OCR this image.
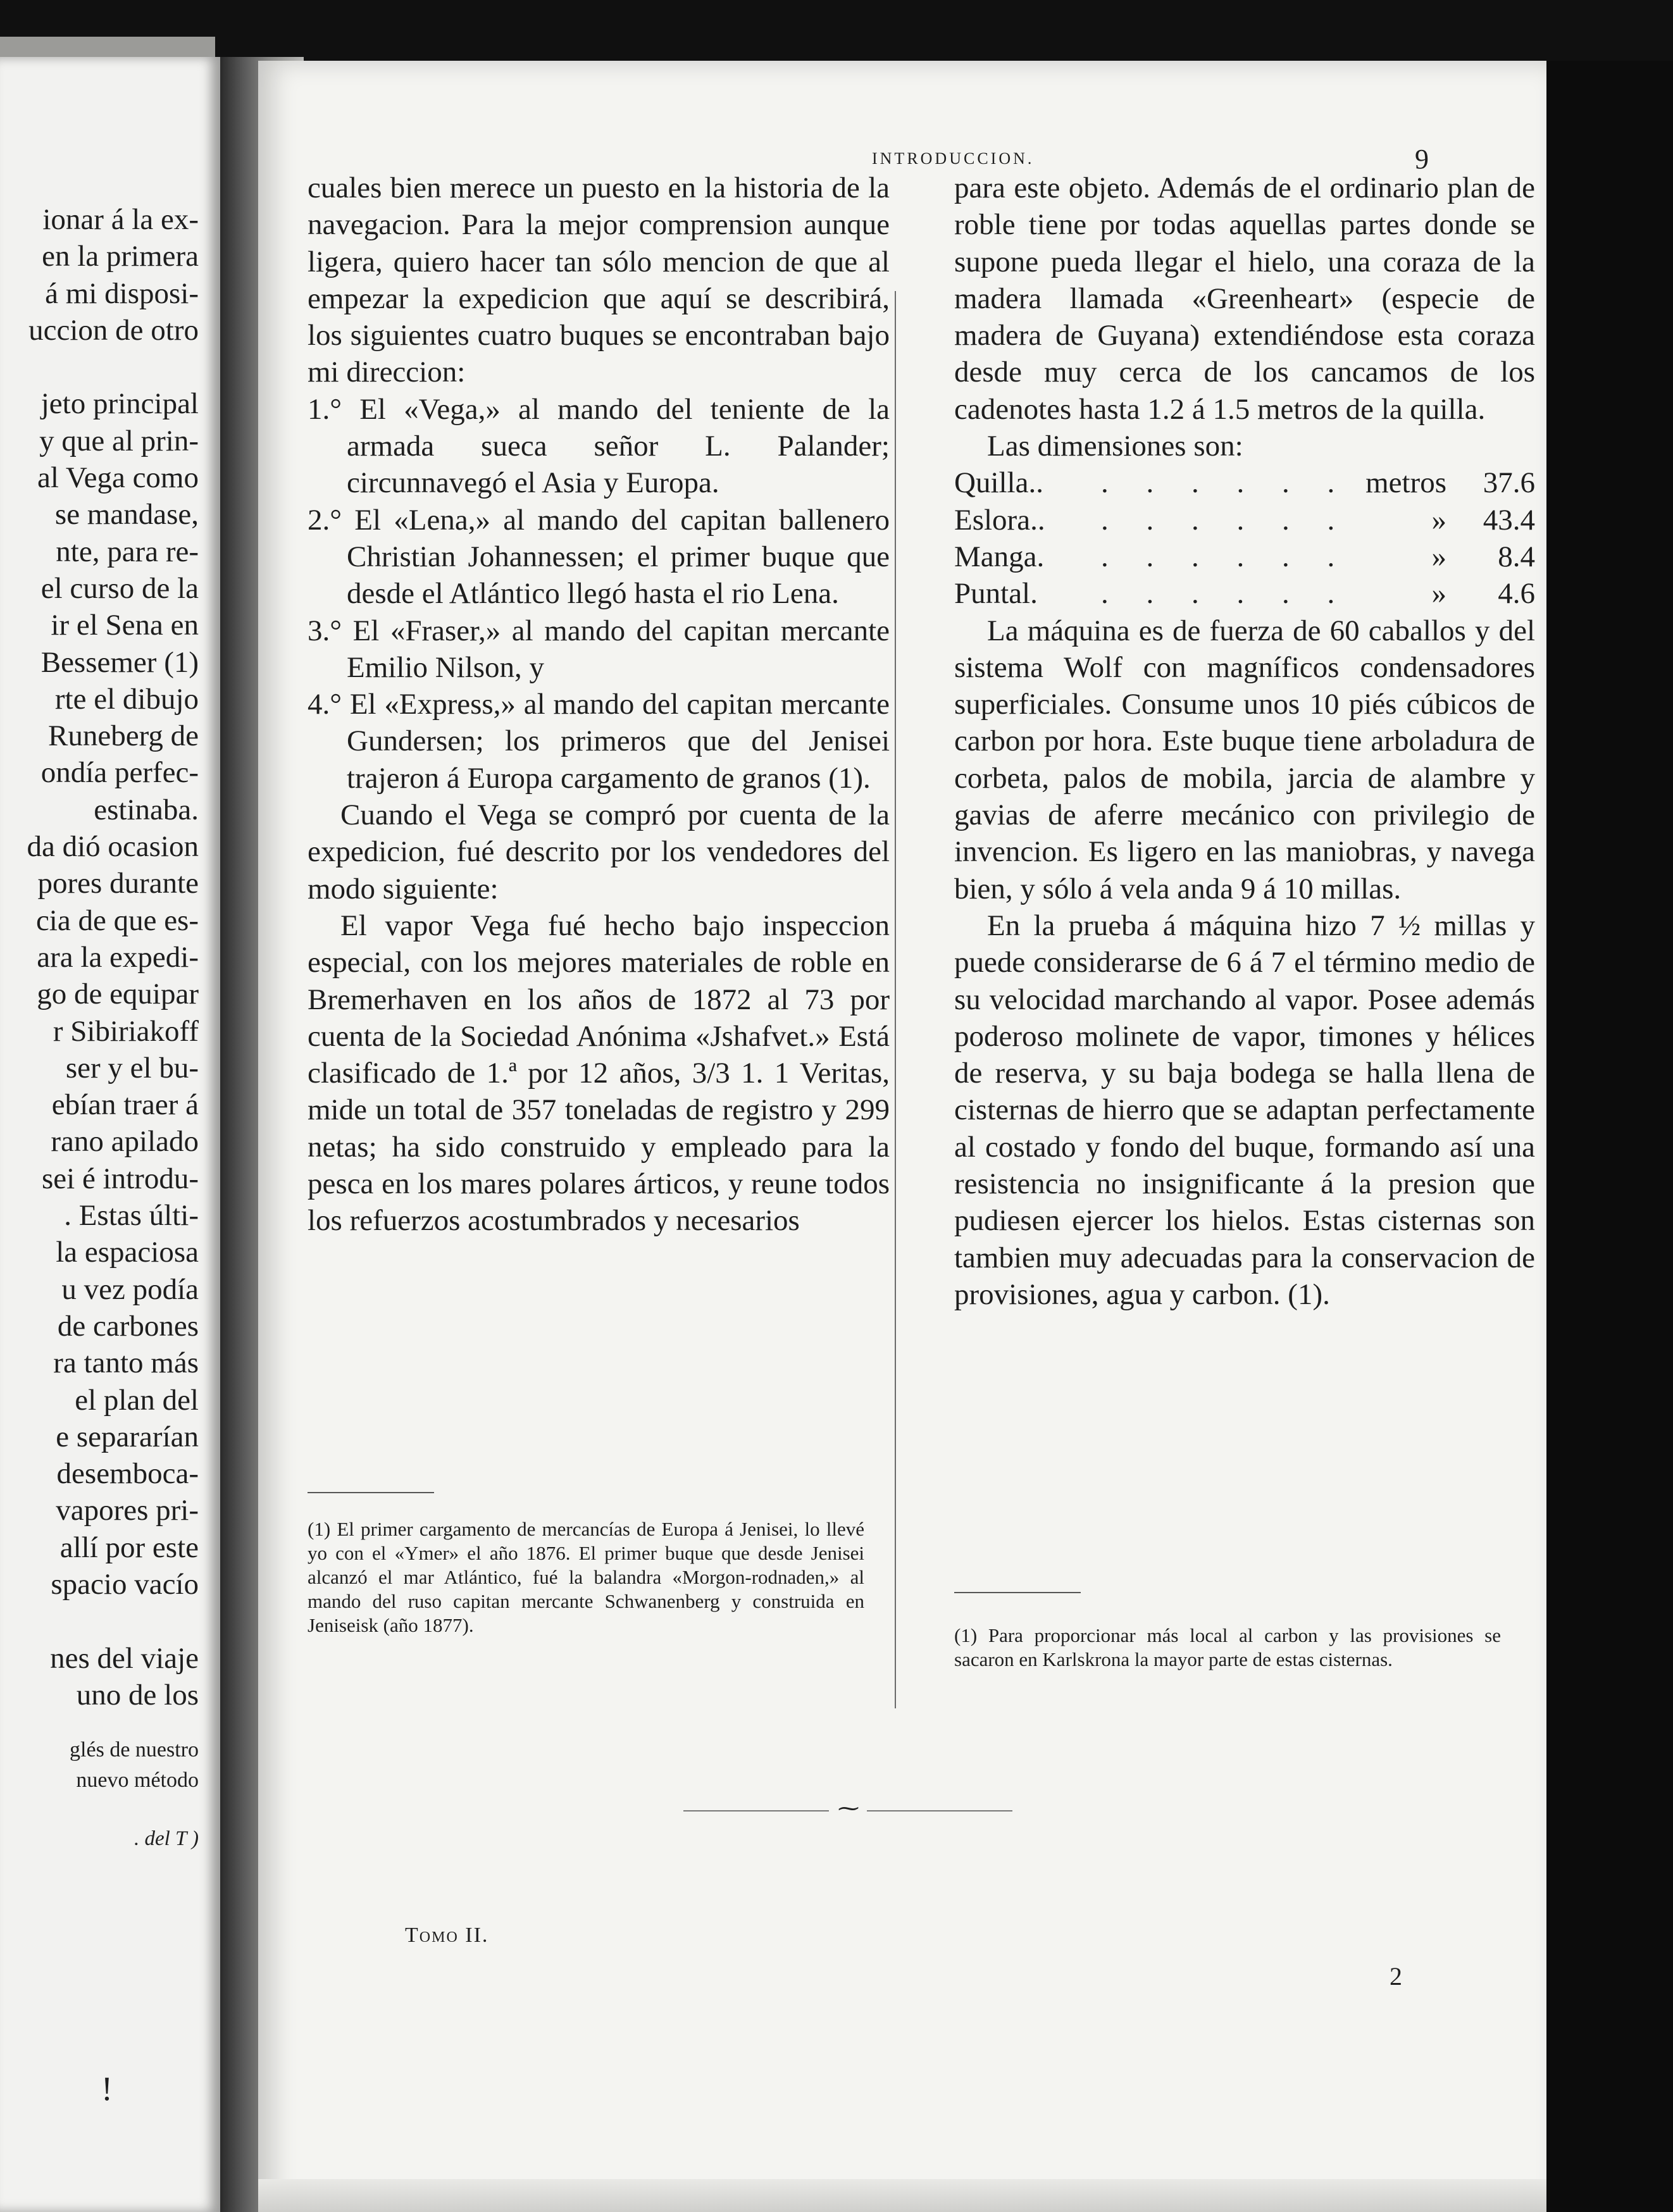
ionar á la ex-
en la primera
á mi disposi-
uccion de otro
jeto principal
y que al prin-
al Vega como
se mandase,
nte, para re-
el curso de la
ir el Sena en
Bessemer (1)
rte el dibujo
Runeberg de
ondía perfec-
estinaba.
da dió ocasion
pores durante
cia de que es-
ara la expedi-
go de equipar
r Sibiriakoff
ser y el bu-
ebían traer á
rano apilado
sei é introdu-
. Estas últi-
la espaciosa
u vez podía
de carbones
ra tanto más
el plan del
e separarían
desemboca-
vapores pri-
allí por este
spacio vacío
nes del viaje
uno de los
glés de nuestro
nuevo método
. del T )
!
INTRODUCCION.	9

cuales bien merece un puesto en la historia de la navegacion. Para la mejor comprension aunque ligera, quiero hacer tan sólo mencion de que al empezar la expedicion que aquí se describirá, los siguientes cuatro buques se encontraban bajo mi direccion:

1.° El «Vega,» al mando del teniente de la armada sueca señor L. Palander; circunnavegó el Asia y Europa.

2.° El «Lena,» al mando del capitan ballenero Christian Johannessen; el primer buque que desde el Atlántico llegó hasta el rio Lena.

3.° El «Fraser,» al mando del capitan mercante Emilio Nilson, y

4.° El «Express,» al mando del capitan mercante Gundersen; los primeros que del Jenisei trajeron á Europa cargamento de granos (1).

Cuando el Vega se compró por cuenta de la expedicion, fué descrito por los vendedores del modo siguiente:

El vapor Vega fué hecho bajo inspeccion especial, con los mejores materiales de roble en Bremerhaven en los años de 1872 al 73 por cuenta de la Sociedad Anónima «Jshafvet.» Está clasificado de 1.ª por 12 años, 3/3 1. 1 Veritas, mide un total de 357 toneladas de registro y 299 netas; ha sido construido y empleado para la pesca en los mares polares árticos, y reune todos los refuerzos acostumbrados y necesarios

para este objeto. Además de el ordinario plan de roble tiene por todas aquellas partes donde se supone pueda llegar el hielo, una coraza de la madera llamada «Greenheart» (especie de madera de Guyana) extendiéndose esta coraza desde muy cerca de los cancamos de los cadenotes hasta 1.2 á 1.5 metros de la quilla.

Las dimensiones son:

Quilla..	. . . . . . metros	37.6
Eslora..	. . . . . .	»	43.4
Manga.	. . . . . .	»	8.4
Puntal.	. . . . . .	»	4.6

La máquina es de fuerza de 60 caballos y del sistema Wolf con magníficos condensadores superficiales. Consume unos 10 piés cúbicos de carbon por hora. Este buque tiene arboladura de corbeta, palos de mobila, jarcia de alambre y gavias de aferre mecánico con privilegio de invencion. Es ligero en las maniobras, y navega bien, y sólo á vela anda 9 á 10 millas.

En la prueba á máquina hizo 7 ½ millas y puede considerarse de 6 á 7 el término medio de su velocidad marchando al vapor. Posee además poderoso molinete de vapor, timones y hélices de reserva, y su baja bodega se halla llena de cisternas de hierro que se adaptan perfectamente al costado y fondo del buque, formando así una resistencia no insignificante á la presion que pudiesen ejercer los hielos. Estas cisternas son tambien muy adecuadas para la conservacion de provisiones, agua y carbon. (1).

(1) El primer cargamento de mercancías de Europa á Jenisei, lo llevé yo con el «Ymer» el año 1876. El primer buque que desde Jenisei alcanzó el mar Atlántico, fué la balandra «Morgon-rodnaden,» al mando del ruso capitan mercante Schwanenberg y construida en Jeniseisk (año 1877).	(1) Para proporcionar más local al carbon y las provisiones se sacaron en Karlskrona la mayor parte de estas cisternas.
⁓
Tomo II.
2
